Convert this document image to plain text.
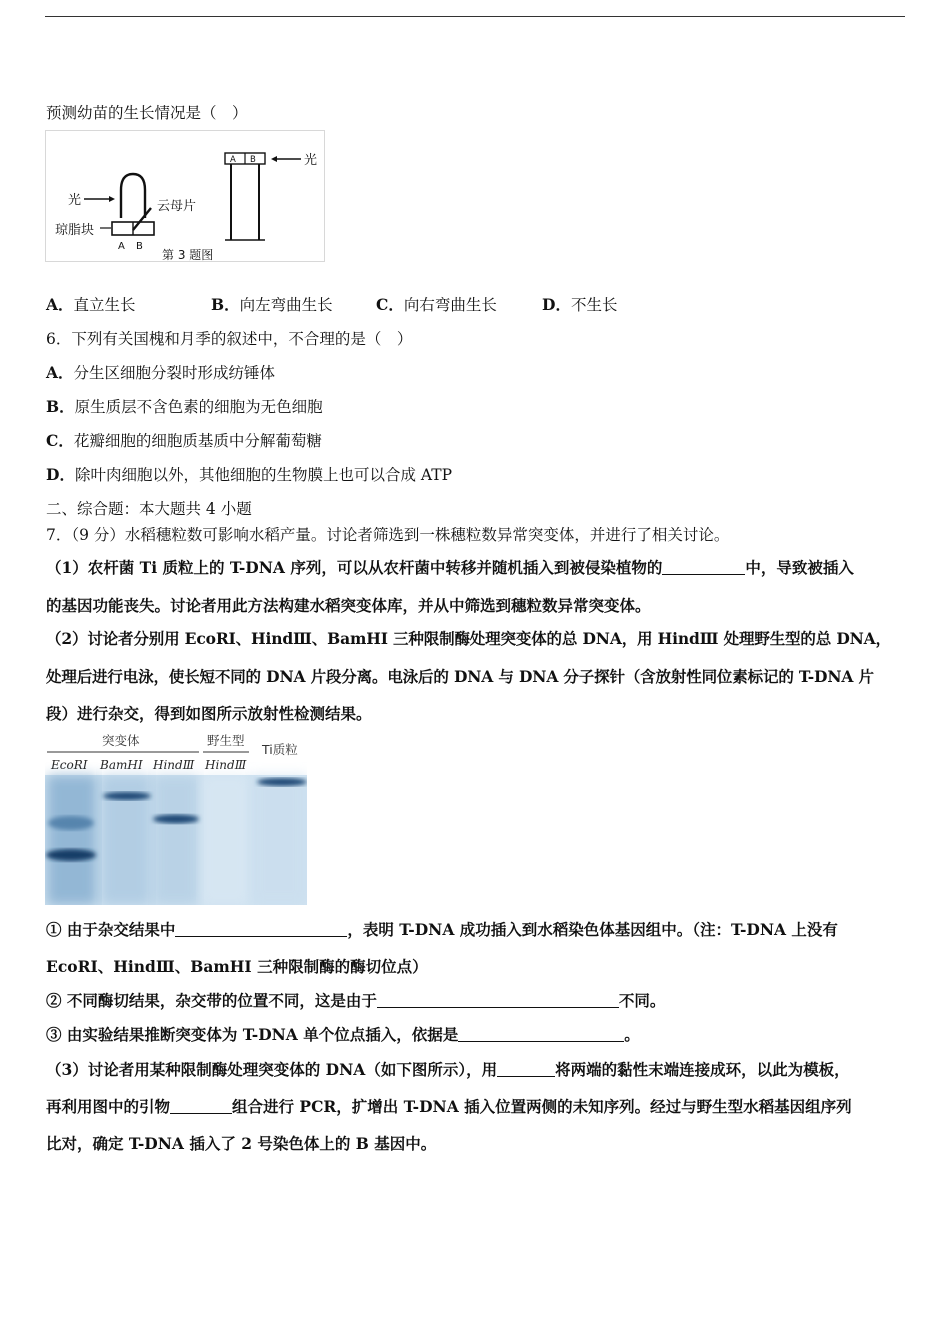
预测幼苗的生长情况是（　）
光	云母片
琼脂块
A B
A B	光
第 3 题图
A．直立生长	B．向左弯曲生长	C．向右弯曲生长	D．不生长
6．下列有关国槐和月季的叙述中，不合理的是（　）
A．分生区细胞分裂时形成纺锤体
B．原生质层不含色素的细胞为无色细胞
C．花瓣细胞的细胞质基质中分解葡萄糖
D．除叶肉细胞以外，其他细胞的生物膜上也可以合成 ATP
二、综合题：本大题共 4 小题
7．（9 分）水稻穗粒数可影响水稻产量。讨论者筛选到一株穗粒数异常突变体，并进行了相关讨论。
（1）农杆菌 Ti 质粒上的 T-DNA 序列，可以从农杆菌中转移并随机插入到被侵染植物的	中，导致被插入
的基因功能丧失。讨论者用此方法构建水稻突变体库，并从中筛选到穗粒数异常突变体。
（2）讨论者分别用 EcoRⅠ、HindⅢ、BamHⅠ 三种限制酶处理突变体的总 DNA，用 HindⅢ 处理野生型的总 DNA，
处理后进行电泳，使长短不同的 DNA 片段分离。电泳后的 DNA 与 DNA 分子探针（含放射性同位素标记的 T-DNA 片
段）进行杂交，得到如图所示放射性检测结果。
突变体	野生型
Ti质粒
EcoRⅠ BamHⅠ HindⅢ HindⅢ
① 由于杂交结果中	，表明 T-DNA 成功插入到水稻染色体基因组中。（注：T-DNA 上没有
EcoRⅠ、HindⅢ、BamHⅠ 三种限制酶的酶切位点）
② 不同酶切结果，杂交带的位置不同，这是由于	不同。
③ 由实验结果推断突变体为 T-DNA 单个位点插入，依据是	。
（3）讨论者用某种限制酶处理突变体的 DNA（如下图所示），用	将两端的黏性末端连接成环，以此为模板，
再利用图中的引物	组合进行 PCR，扩增出 T-DNA 插入位置两侧的未知序列。经过与野生型水稻基因组序列
比对，确定 T-DNA 插入了 2 号染色体上的 B 基因中。
